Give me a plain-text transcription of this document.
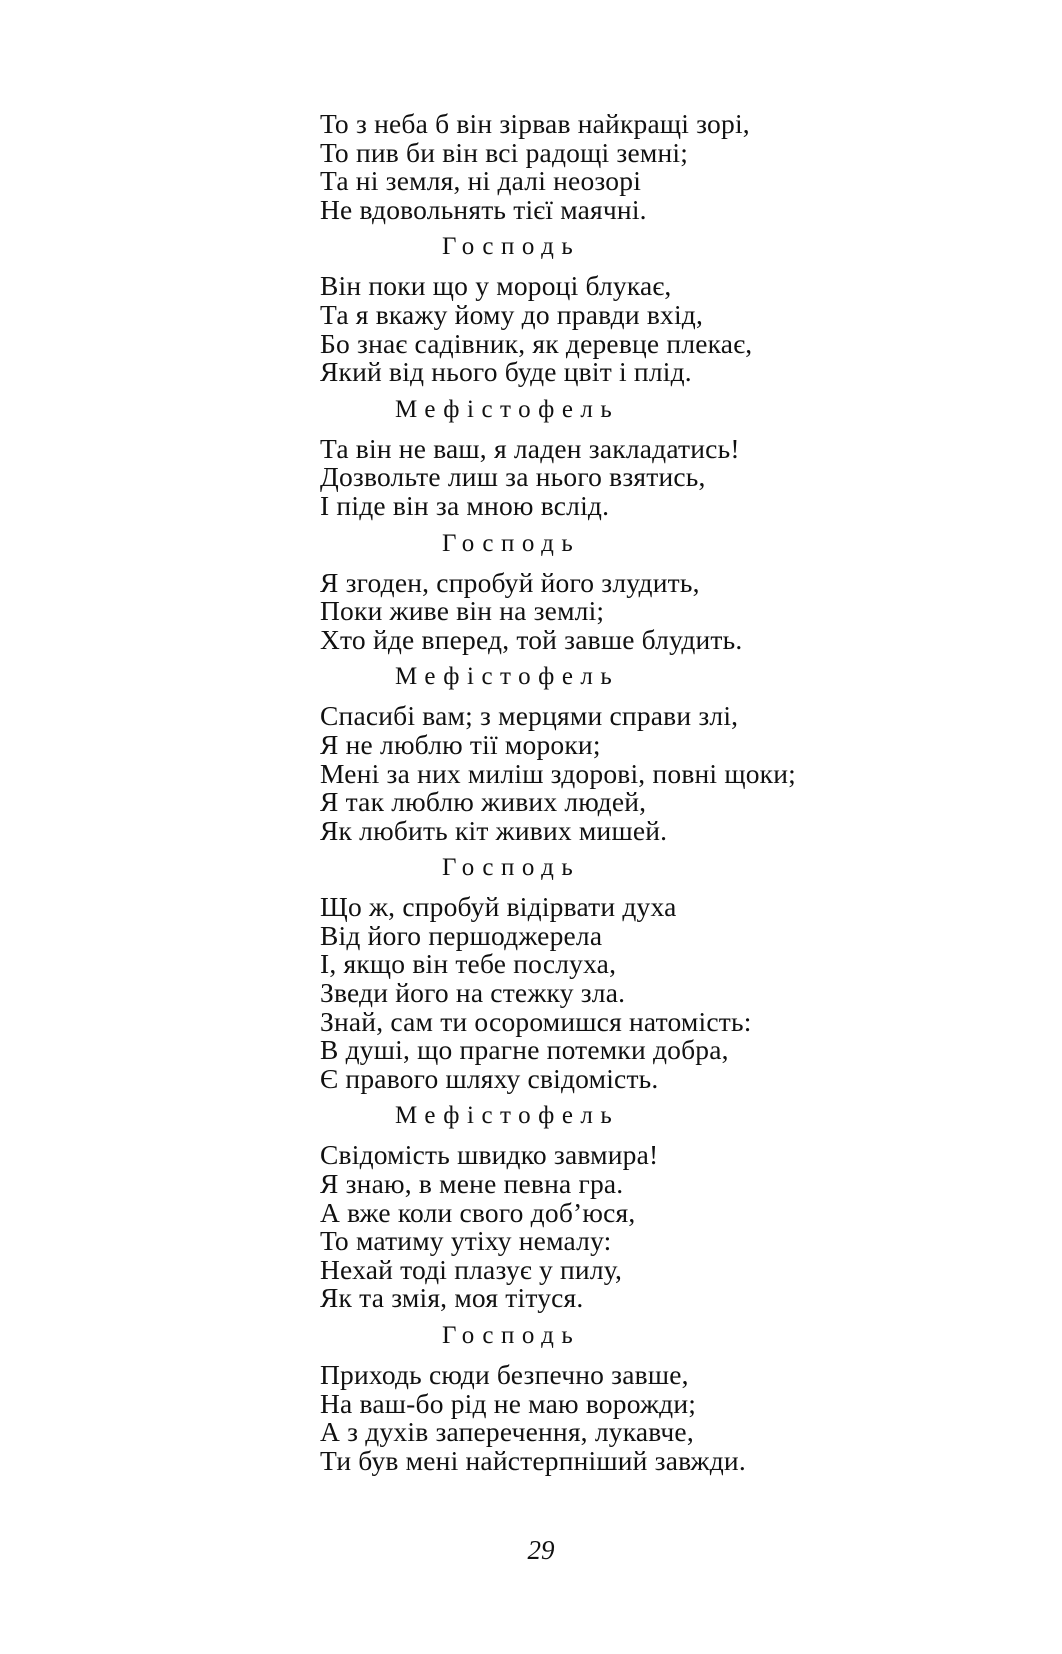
То з неба б він зірвав найкращі зорі,
То пив би він всі радощі земні;
Та ні земля, ні далі неозорі
Не вдовольнять тієї маячні.
Господь
Він поки що у мороці блукає,
Та я вкажу йому до правди вхід,
Бо знає садівник, як деревце плекає,
Який від нього буде цвіт і плід.
Мефістофель
Та він не ваш, я ладен закладатись!
Дозвольте лиш за нього взятись,
І піде він за мною вслід.
Господь
Я згоден, спробуй його злудить,
Поки живе він на землі;
Хто йде вперед, той завше блудить.
Мефістофель
Спасибі вам; з мерцями справи злі,
Я не люблю тії мороки;
Мені за них миліш здорові, повні щоки;
Я так люблю живих людей,
Як любить кіт живих мишей.
Господь
Що ж, спробуй відірвати духа
Від його першоджерела
І, якщо він тебе послуха,
Зведи його на стежку зла.
Знай, сам ти осоромишся натомість:
В душі, що прагне потемки добра,
Є правого шляху свідомість.
Мефістофель
Свідомість швидко завмира!
Я знаю, в мене певна гра.
А вже коли свого доб’юся,
То матиму утіху немалу:
Нехай тоді плазує у пилу,
Як та змія, моя тітуся.
Господь
Приходь сюди безпечно завше,
На ваш-бо рід не маю ворожди;
А з духів заперечення, лукавче,
Ти був мені найстерпніший завжди.
29
